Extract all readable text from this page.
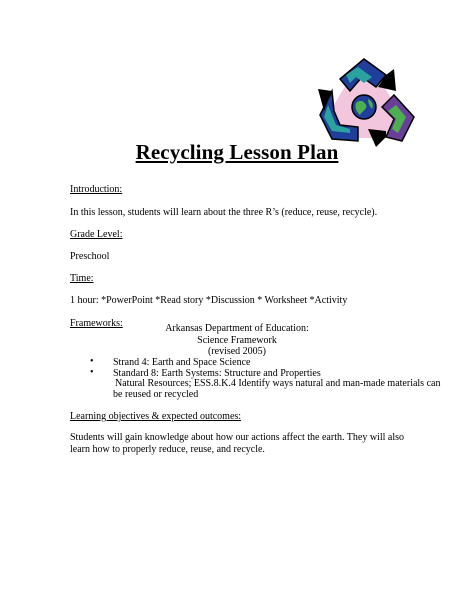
Recycling Lesson Plan

Introduction:

In this lesson, students will learn about the three R’s (reduce, reuse, recycle).

Grade Level:

Preschool

Time:

1 hour: *PowerPoint *Read story *Discussion * Worksheet *Activity

Frameworks:	Arkansas Department of Education:

Science Framework

(revised 2005)

• Strand 4: Earth and Space Science
• Standard 8: Earth Systems: Structure and Properties
Natural Resources; ESS.8.K.4 Identify ways natural and man-made materials can
be reused or recycled

Learning objectives & expected outcomes:

Students will gain knowledge about how our actions affect the earth. They will also learn how to properly reduce, reuse, and recycle.
